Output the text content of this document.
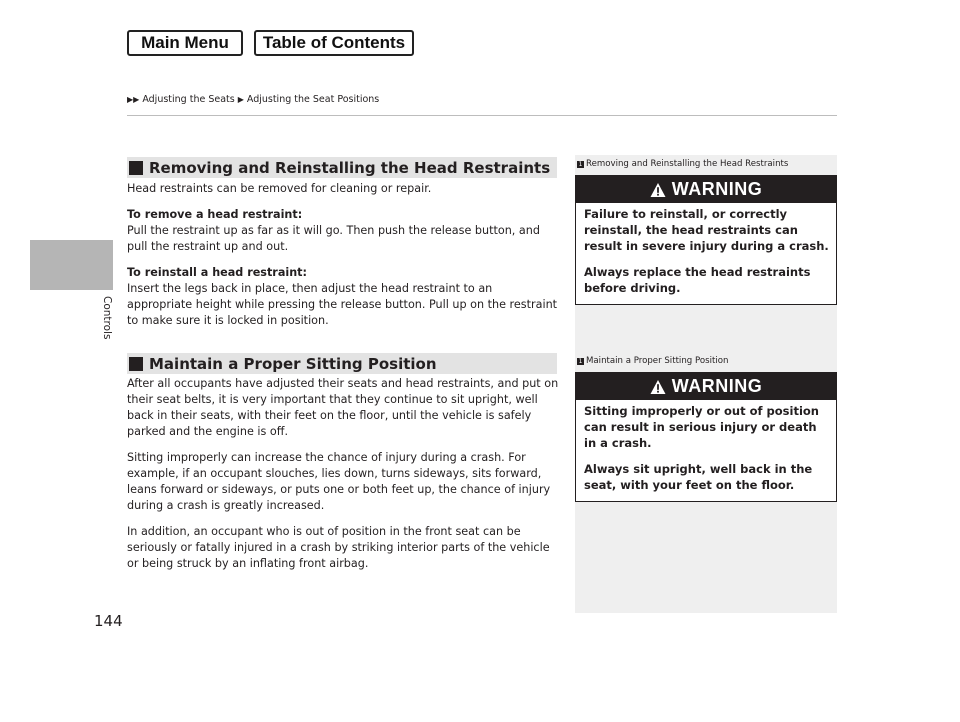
Main Menu	Table of Contents
▶▶ Adjusting the Seats ▶ Adjusting the Seat Positions
Controls
Removing and Reinstalling the Head Restraints

Head restraints can be removed for cleaning or repair.

To remove a head restraint:

Pull the restraint up as far as it will go. Then push the release button, and pull the restraint up and out.

To reinstall a head restraint:

Insert the legs back in place, then adjust the head restraint to an appropriate height while pressing the release button. Pull up on the restraint to make sure it is locked in position.

Maintain a Proper Sitting Position

After all occupants have adjusted their seats and head restraints, and put on their seat belts, it is very important that they continue to sit upright, well back in their seats, with their feet on the floor, until the vehicle is safely parked and the engine is off.

Sitting improperly can increase the chance of injury during a crash. For example, if an occupant slouches, lies down, turns sideways, sits forward, leans forward or sideways, or puts one or both feet up, the chance of injury during a crash is greatly increased.

In addition, an occupant who is out of position in the front seat can be seriously or fatally injured in a crash by striking interior parts of the vehicle or being struck by an inflating front airbag.

1 Removing and Reinstalling the Head Restraints
WARNING

Failure to reinstall, or correctly reinstall, the head restraints can result in severe injury during a crash.

Always replace the head restraints before driving.

1 Maintain a Proper Sitting Position
WARNING

Sitting improperly or out of position can result in serious injury or death in a crash.

Always sit upright, well back in the seat, with your feet on the floor.

144
